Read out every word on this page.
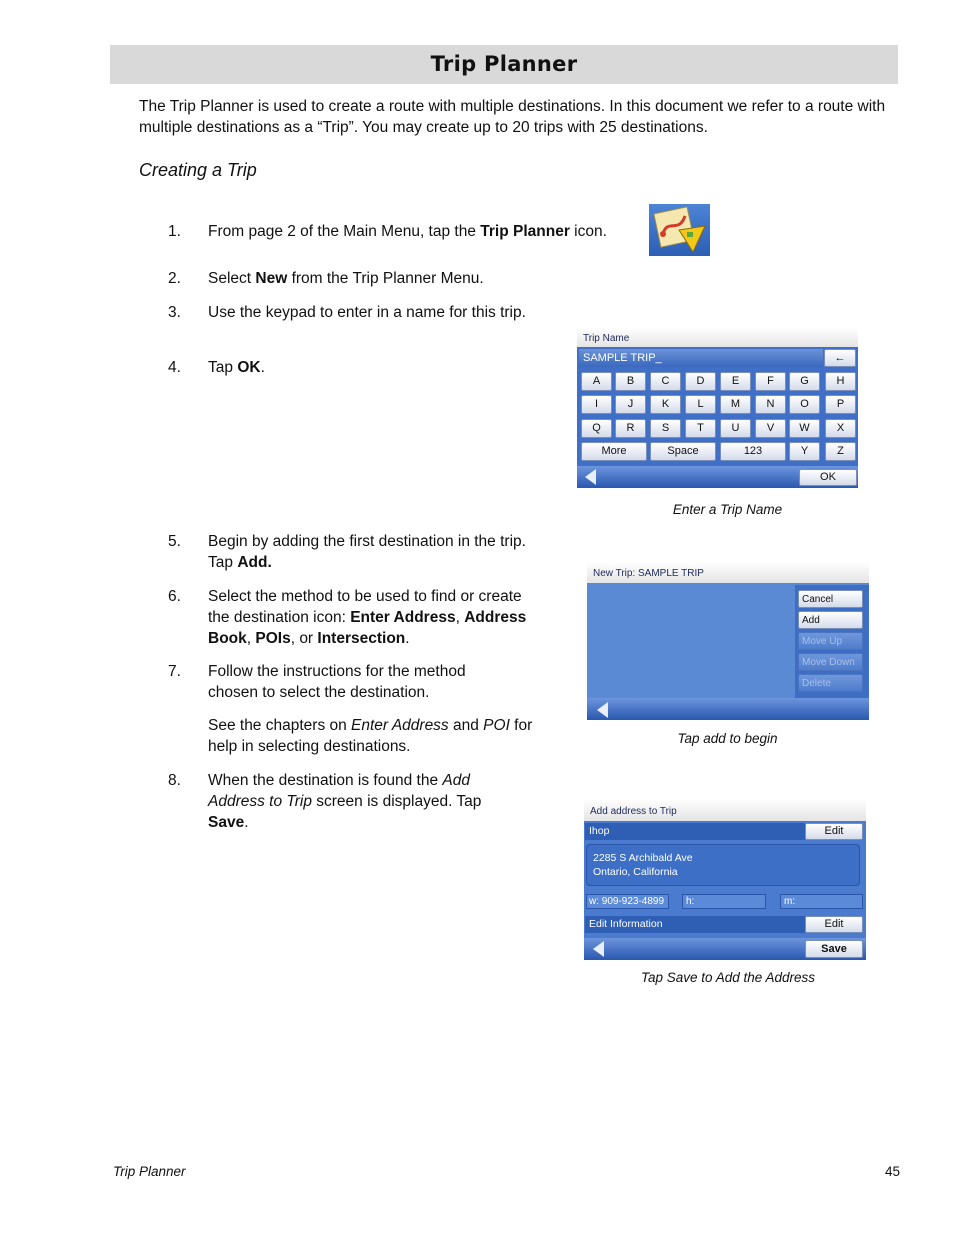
Trip Planner
The Trip Planner is used to create a route with multiple destinations. In this document we refer to a route with multiple destinations as a “Trip”. You may create up to 20 trips with 25 destinations.
Creating a Trip
1.	From page 2 of the Main Menu, tap the Trip Planner icon.
2.	Select New from the Trip Planner Menu.
3.	Use the keypad to enter in a name for this trip.
4.	Tap OK.
5.	Begin by adding the first destination in the trip. Tap Add.
6.	Select the method to be used to find or create the destination icon: Enter Address, Address Book, POIs, or Intersection.
7.	Follow the instructions for the method chosen to select the destination.
See the chapters on Enter Address and POI for help in selecting destinations.
8.	When the destination is found the Add Address to Trip screen is displayed. Tap Save.
Trip Name
SAMPLE TRIP_	←
A	B	C	D	E	F	G	H
I	J	K	L	M	N	O	P
Q	R	S	T	U	V	W	X
More	Space	123	Y	Z
OK
Enter a Trip Name
New Trip: SAMPLE TRIP
Cancel
Add
Move Up
Move Down
Delete
Tap add to begin
Add address to Trip
Ihop	Edit
2285 S Archibald Ave
Ontario, California
w: 909-923-4899	h:	m:
Edit Information	Edit
Save
Tap Save to Add the Address
Trip Planner	45
